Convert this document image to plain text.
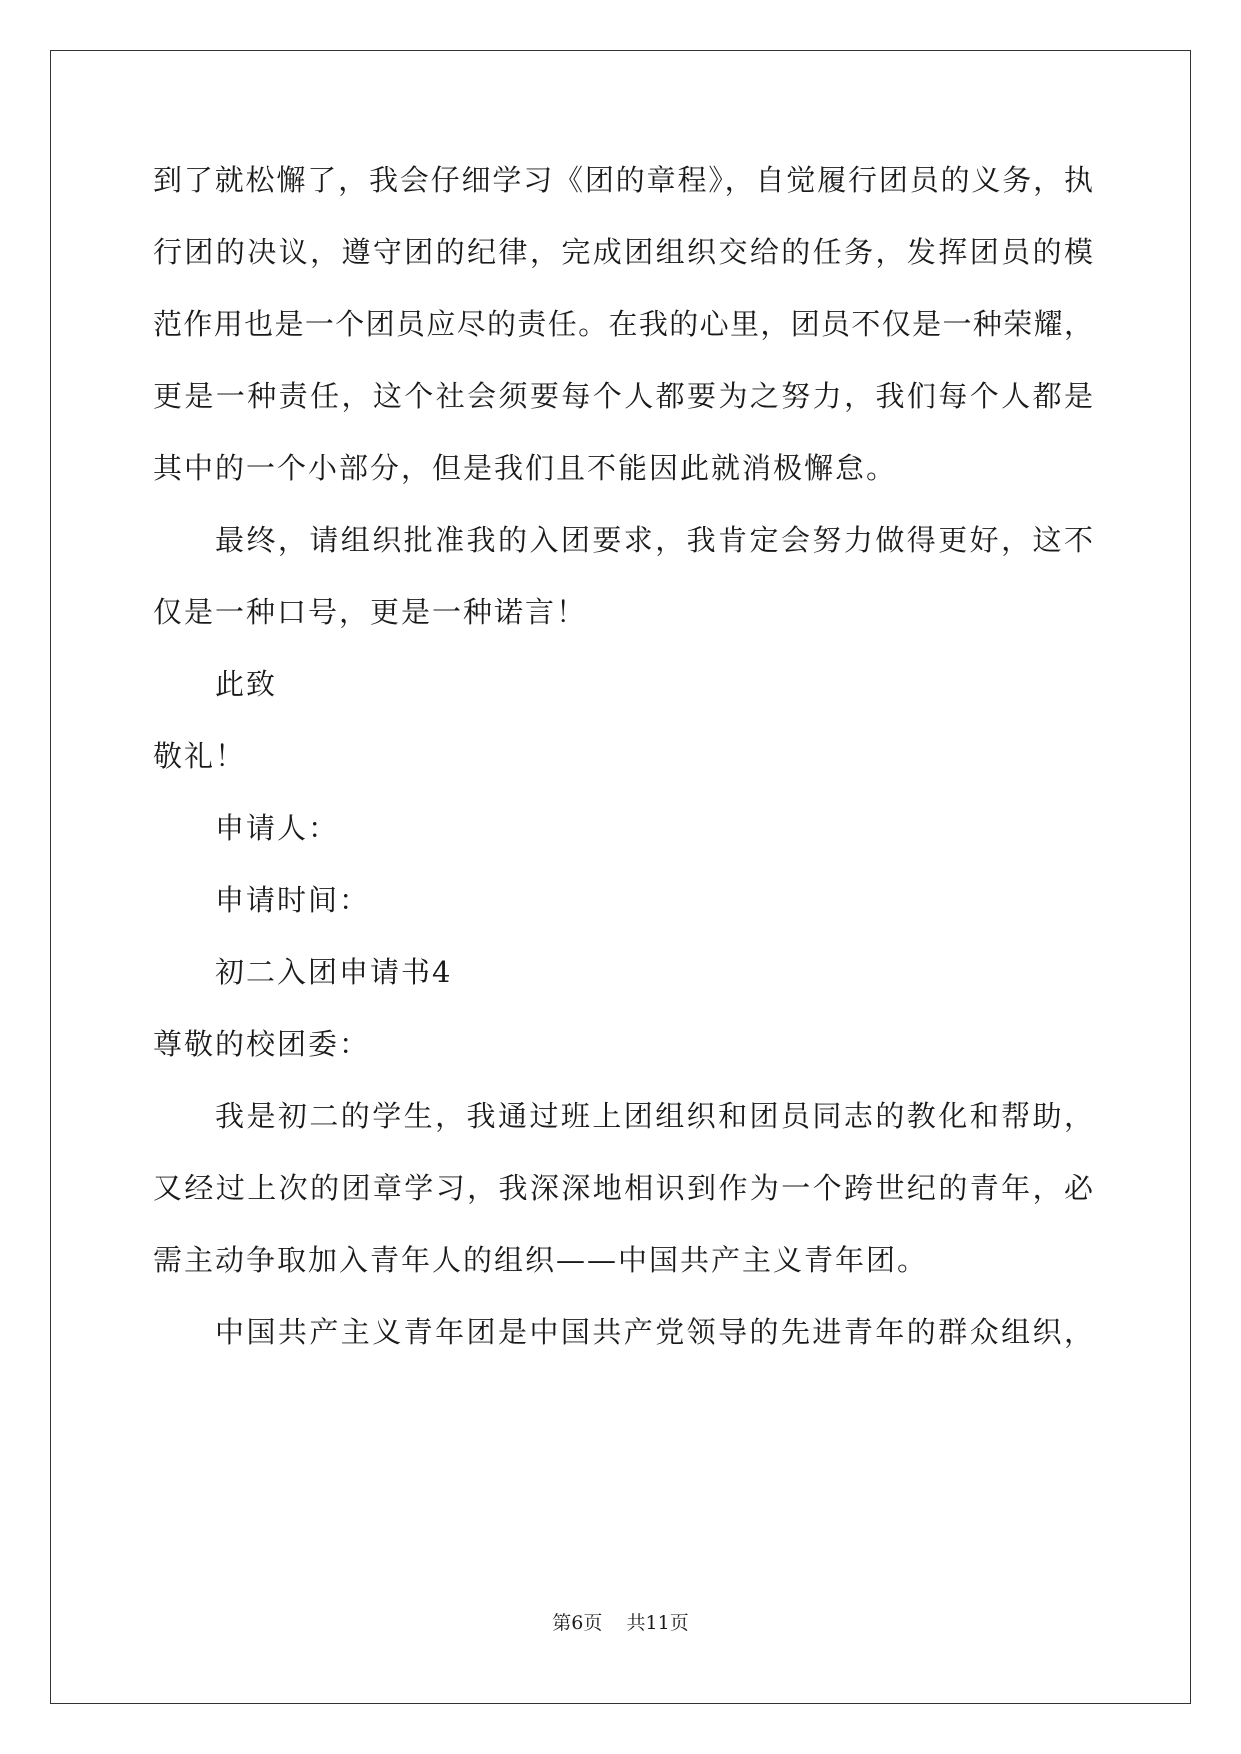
到了就松懈了，我会仔细学习《团的章程》，自觉履行团员的义务，执
行团的决议，遵守团的纪律，完成团组织交给的任务，发挥团员的模
范作用也是一个团员应尽的责任。在我的心里，团员不仅是一种荣耀，
更是一种责任，这个社会须要每个人都要为之努力，我们每个人都是
其中的一个小部分，但是我们且不能因此就消极懈怠。
最终，请组织批准我的入团要求，我肯定会努力做得更好，这不
仅是一种口号，更是一种诺言！
此致
敬礼！
申请人：
申请时间：
初二入团申请书4
尊敬的校团委：
我是初二的学生，我通过班上团组织和团员同志的教化和帮助，
又经过上次的团章学习，我深深地相识到作为一个跨世纪的青年，必
需主动争取加入青年人的组织——中国共产主义青年团。
中国共产主义青年团是中国共产党领导的先进青年的群众组织，
第6页    共11页
